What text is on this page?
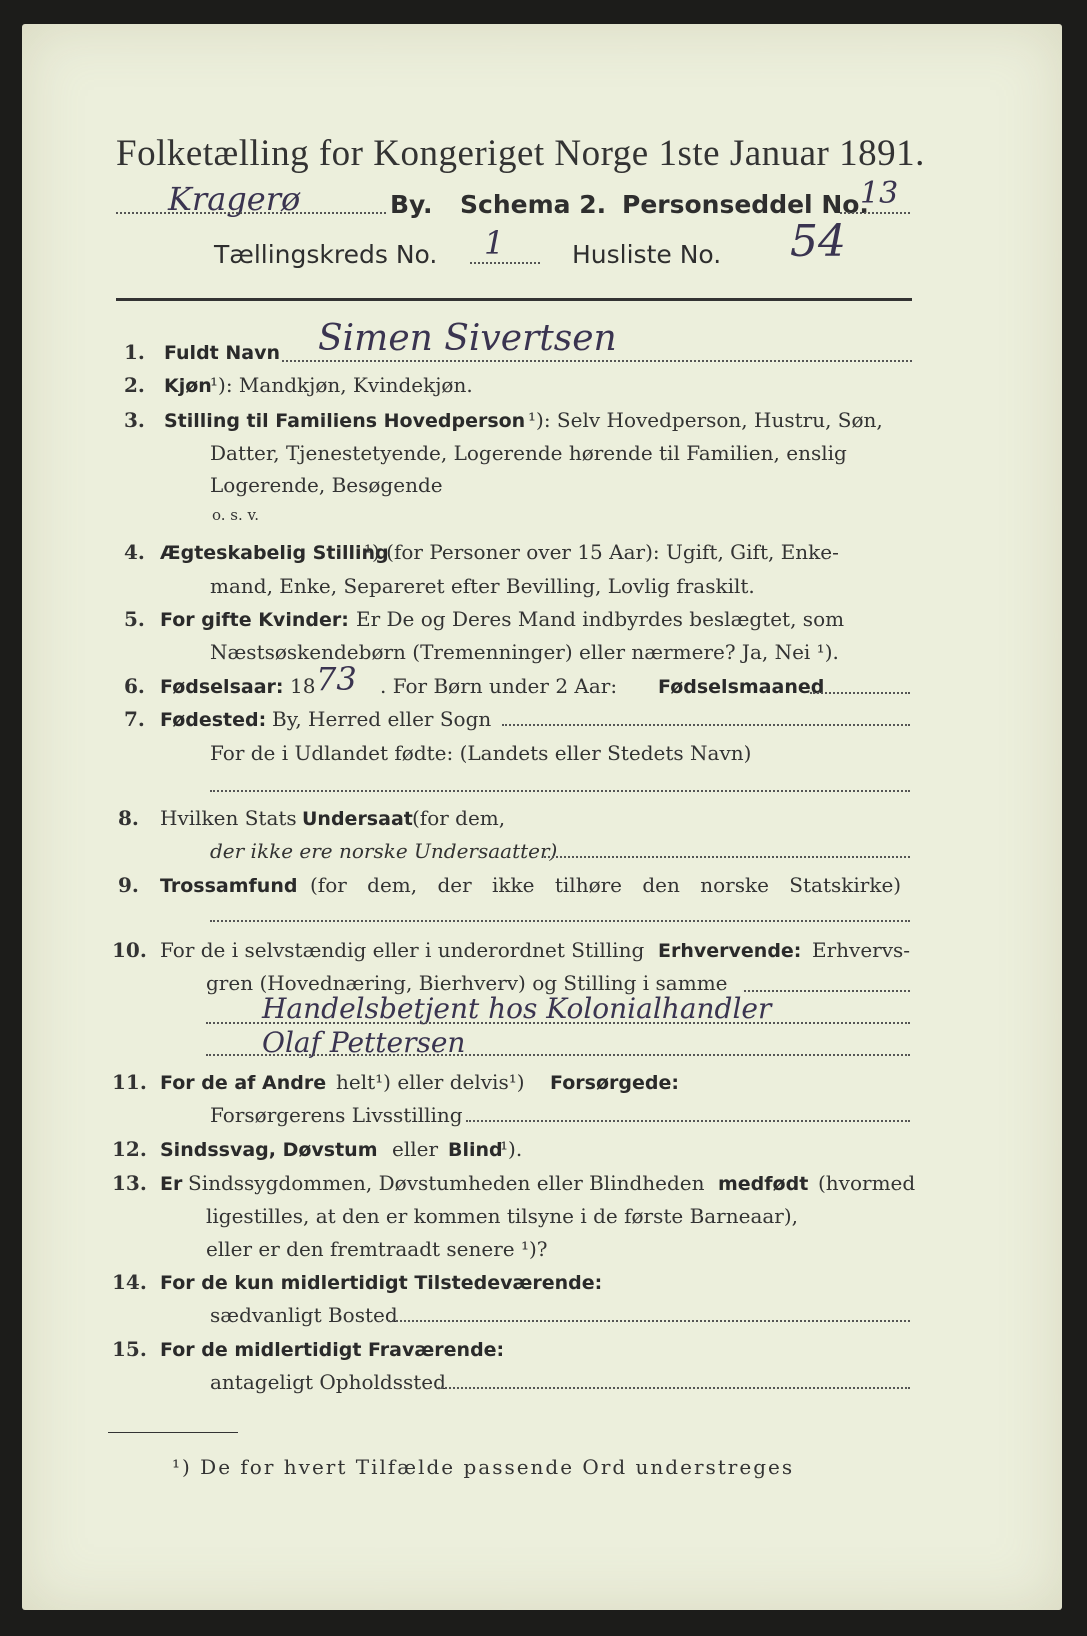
Folketælling for Kongeriget Norge 1ste Januar 1891.
Kragerø	By. Schema 2. Personseddel No.
13
Tællingskreds No. 1	Husliste No. 54
1. Fuldt Navn Simen Sivertsen
2. Kjøn
¹): Mandkjøn, Kvindekjøn.
3. Stilling til Familiens Hovedperson ¹): Selv Hovedperson, Hustru, Søn,
Datter, Tjenestetyende, Logerende hørende til Familien, enslig
Logerende, Besøgende
o. s. v.
4. Ægteskabelig Stilling
¹) (for Personer over 15 Aar): Ugift, Gift, Enke-
mand, Enke, Separeret efter Bevilling, Lovlig fraskilt.
5. For gifte Kvinder: Er De og Deres Mand indbyrdes beslægtet, som
Næstsøskendebørn (Tremenninger) eller nærmere? Ja, Nei ¹).
6. Fødselsaar: 18 73 . For Børn under 2 Aar: Fødselsmaaned
7. Fødested: By, Herred eller Sogn
For de i Udlandet fødte: (Landets eller Stedets Navn)
8. Hvilken Stats Undersaat (for dem,
der ikke ere norske Undersaatter)
9. Trossamfund (for dem, der ikke tilhøre den norske Statskirke)
10. For de i selvstændig eller i underordnet Stilling Erhvervende: Erhvervs-
gren (Hovednæring, Bierhverv) og Stilling i samme
Handelsbetjent hos Kolonialhandler
Olaf Pettersen
11. For de af Andre helt¹) eller delvis¹) Forsørgede:
Forsørgerens Livsstilling
12. Sindssvag, Døvstum eller Blind
¹).
13. Er Sindssygdommen, Døvstumheden eller Blindheden medfødt (hvormed
ligestilles, at den er kommen tilsyne i de første Barneaar),
eller er den fremtraadt senere ¹)?
14. For de kun midlertidigt Tilstedeværende:
sædvanligt Bosted
15. For de midlertidigt Fraværende:
antageligt Opholdssted
¹) De for hvert Tilfælde passende Ord understreges
